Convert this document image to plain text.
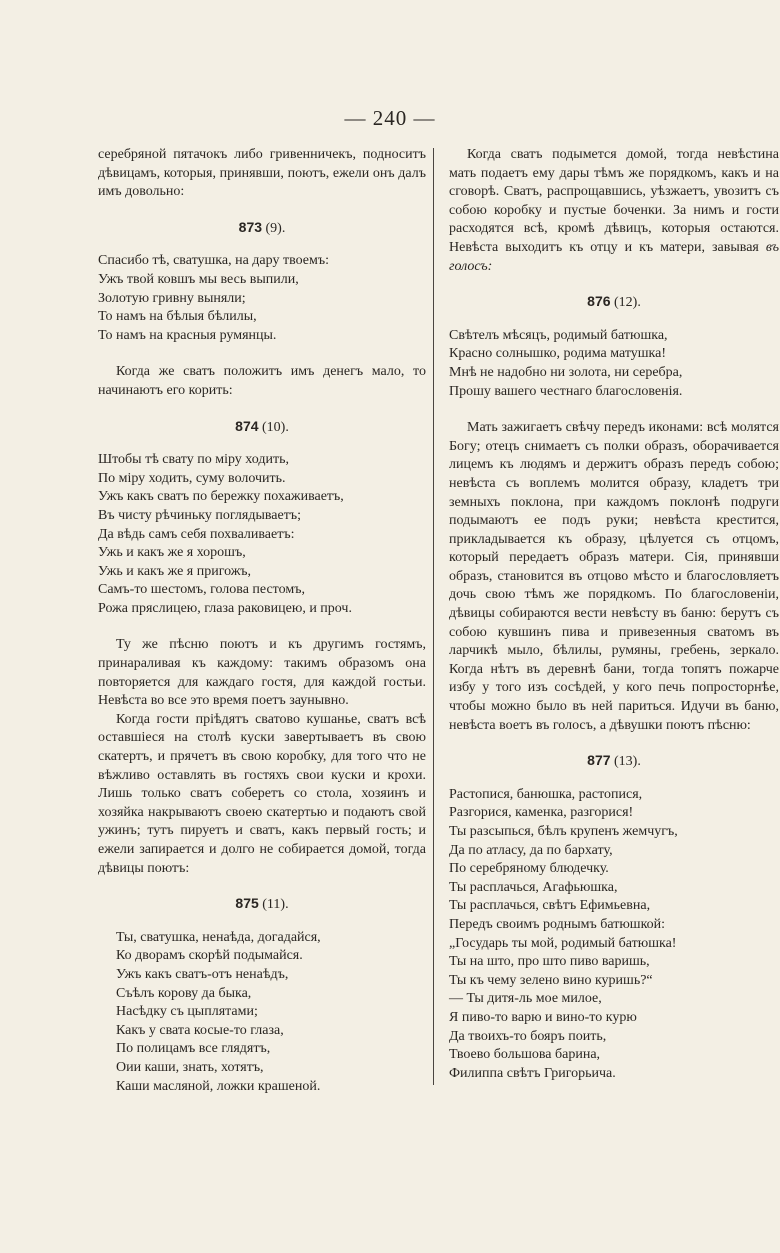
— 240 —

серебряной пятачокъ либо гривенничекъ, подноситъ дѣвицамъ, которыя, принявши, поютъ, ежели онъ далъ имъ довольно:

873 (9).
Спасибо тѣ, сватушка, на дару твоемъ:
Ужъ твой ковшъ мы весь выпили,
Золотую гривну выняли;
То намъ на бѣлыя бѣлилы,
То намъ на красныя румянцы.

Когда же сватъ положитъ имъ денегъ мало, то начинаютъ его корить:

874 (10).
Штобы тѣ свату по міру ходить,
По міру ходить, суму волочить.
Ужъ какъ сватъ по бережку похаживаетъ,
Въ чисту рѣчиньку поглядываетъ;
Да вѣдь самъ себя похваливаетъ:
Ужь и какъ же я хорошъ,
Ужь и какъ же я пригожъ,
Самъ-то шестомъ, голова пестомъ,
Рожа пряслицею, глаза раковицею, и проч.

Ту же пѣсню поютъ и къ другимъ гостямъ, принараливая къ каждому: такимъ образомъ она повторяется для каждаго гостя, для каждой гостьи. Невѣста во все это время поетъ заунывно.

Когда гости пріѣдятъ сватово кушанье, сватъ всѣ оставшіеся на столѣ куски завертываетъ въ свою скатертъ, и прячетъ въ свою коробку, для того что не вѣжливо оставлять въ гостяхъ свои куски и крохи. Лишь только сватъ соберетъ со стола, хозяинъ и хозяйка накрываютъ своею скатертью и подаютъ свой ужинъ; тутъ пируетъ и сватъ, какъ первый гость; и ежели запирается и долго не собирается домой, тогда дѣвицы поютъ:

875 (11).
Ты, сватушка, ненаѣда, догадайся,
Ко дворамъ скорѣй подымайся.
Ужъ какъ сватъ-отъ ненаѣдъ,
Съѣлъ корову да быка,
Насѣдку съ цыплятами;
Какъ у свата косые-то глаза,
По полицамъ все глядятъ,
Оии каши, знать, хотятъ,
Каши масляной, ложки крашеной.

Когда сватъ подымется домой, тогда невѣстина мать подаетъ ему дары тѣмъ же порядкомъ, какъ и на сговорѣ. Сватъ, распрощавшись, уѣзжаетъ, увозитъ съ собою коробку и пустые боченки. За нимъ и гости расходятся всѣ, кромѣ дѣвицъ, которыя остаются. Невѣста выходитъ къ отцу и къ матери, завывая въ голосъ:

876 (12).
Свѣтелъ мѣсяцъ, родимый батюшка,
Красно солнышко, родима матушка!
Мнѣ не надобно ни золота, ни серебра,
Прошу вашего честнаго благословенія.

Мать зажигаетъ свѣчу передъ иконами: всѣ молятся Богу; отецъ снимаетъ съ полки образъ, оборачивается лицемъ къ людямъ и держитъ образъ передъ собою; невѣста съ воплемъ молится образу, кладетъ три земныхъ поклона, при каждомъ поклонѣ подруги подымаютъ ее подъ руки; невѣста крестится, прикладывается къ образу, цѣлуется съ отцомъ, который передаетъ образъ матери. Сія, принявши образъ, становится въ отцово мѣсто и благословляетъ дочь свою тѣмъ же порядкомъ. По благословеніи, дѣвицы собираются вести невѣсту въ баню: берутъ съ собою кувшинъ пива и привезенныя сватомъ въ ларчикѣ мыло, бѣлилы, румяны, гребень, зеркало. Когда нѣтъ въ деревнѣ бани, тогда топятъ пожарче избу у того изъ сосѣдей, у кого печь попросторнѣе, чтобы можно было въ ней париться. Идучи въ баню, невѣста воетъ въ голосъ, а дѣвушки поютъ пѣсню:

877 (13).
Растопися, банюшка, растопися,
Разгорися, каменка, разгорися!
Ты разсыпься, бѣлъ крупенъ жемчугъ,
Да по атласу, да по бархату,
По серебряному блюдечку.
Ты расплачься, Агафьюшка,
Ты расплачься, свѣтъ Ефимьевна,
Передъ своимъ роднымъ батюшкой:
„Государь ты мой, родимый батюшка!
Ты на што, про што пиво варишь,
Ты къ чему зелено вино куришь?“
— Ты дитя-ль мое милое,
Я пиво-то варю и вино-то курю
Да твоихъ-то бояръ поить,
Твоево большова барина,
Филиппа свѣтъ Григорьича.
